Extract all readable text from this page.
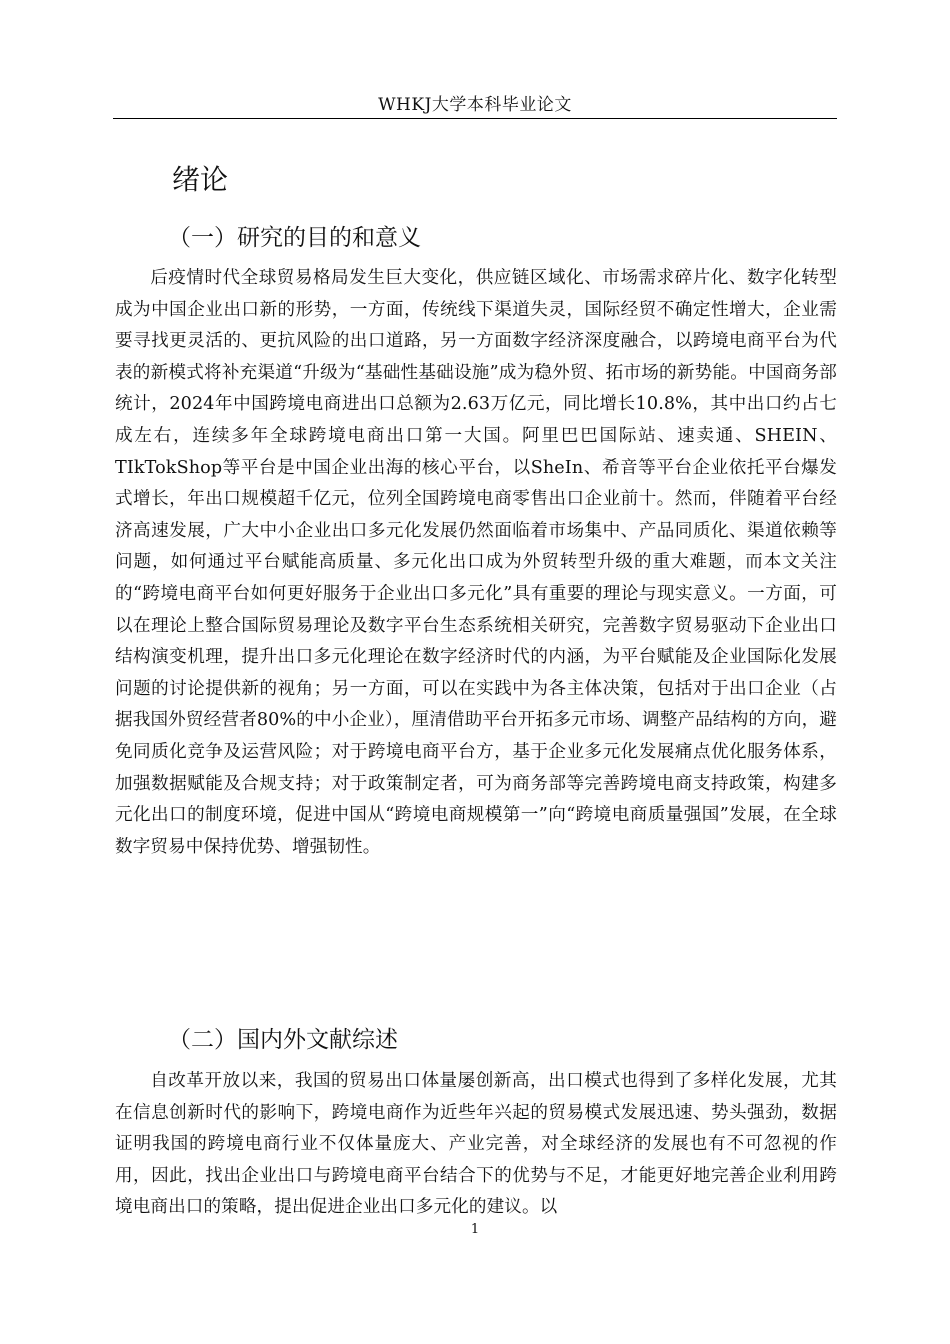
WHKJ大学本科毕业论文
绪论
（一）研究的目的和意义

后疫情时代全球贸易格局发生巨大变化，供应链区域化、市场需求碎片化、数字化转型成为中国企业出口新的形势，一方面，传统线下渠道失灵，国际经贸不确定性增大，企业需要寻找更灵活的、更抗风险的出口道路，另一方面数字经济深度融合，以跨境电商平台为代表的新模式将补充渠道“升级为“基础性基础设施”成为稳外贸、拓市场的新势能。中国商务部统计，2024年中国跨境电商进出口总额为2.63万亿元，同比增长10.8%，其中出口约占七成左右，连续多年全球跨境电商出口第一大国。阿里巴巴国际站、速卖通、SHEIN、TIkTokShop等平台是中国企业出海的核心平台，以SheIn、希音等平台企业依托平台爆发式增长，年出口规模超千亿元，位列全国跨境电商零售出口企业前十。然而，伴随着平台经济高速发展，广大中小企业出口多元化发展仍然面临着市场集中、产品同质化、渠道依赖等问题，如何通过平台赋能高质量、多元化出口成为外贸转型升级的重大难题，而本文关注的“跨境电商平台如何更好服务于企业出口多元化”具有重要的理论与现实意义。一方面，可以在理论上整合国际贸易理论及数字平台生态系统相关研究，完善数字贸易驱动下企业出口结构演变机理，提升出口多元化理论在数字经济时代的内涵，为平台赋能及企业国际化发展问题的讨论提供新的视角；另一方面，可以在实践中为各主体决策，包括对于出口企业（占据我国外贸经营者80%的中小企业），厘清借助平台开拓多元市场、调整产品结构的方向，避免同质化竞争及运营风险；对于跨境电商平台方，基于企业多元化发展痛点优化服务体系，加强数据赋能及合规支持；对于政策制定者，可为商务部等完善跨境电商支持政策，构建多元化出口的制度环境，促进中国从“跨境电商规模第一”向“跨境电商质量强国”发展，在全球数字贸易中保持优势、增强韧性。

（二）国内外文献综述

自改革开放以来，我国的贸易出口体量屡创新高，出口模式也得到了多样化发展，尤其在信息创新时代的影响下，跨境电商作为近些年兴起的贸易模式发展迅速、势头强劲，数据证明我国的跨境电商行业不仅体量庞大、产业完善，对全球经济的发展也有不可忽视的作用，因此，找出企业出口与跨境电商平台结合下的优势与不足，才能更好地完善企业利用跨境电商出口的策略，提出促进企业出口多元化的建议。以

1
